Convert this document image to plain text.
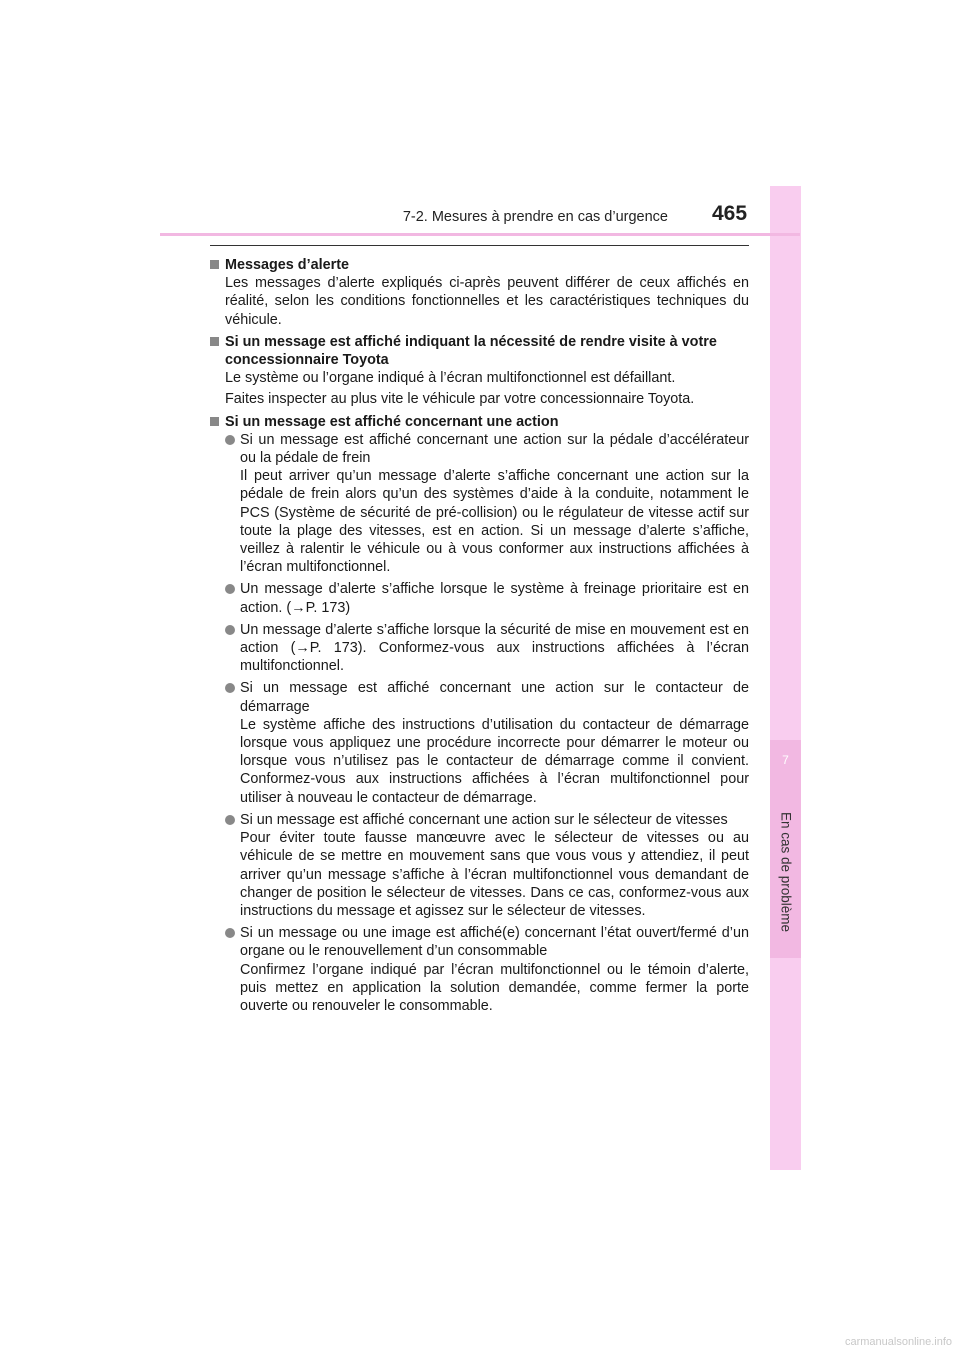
7
En cas de problème
7-2. Mesures à prendre en cas d’urgence 465
Messages d’alerte
Les messages d’alerte expliqués ci-après peuvent différer de ceux affichés en réalité, selon les conditions fonctionnelles et les caractéristiques techniques du véhicule.
Si un message est affiché indiquant la nécessité de rendre visite à votre concessionnaire Toyota
Le système ou l’organe indiqué à l’écran multifonctionnel est défaillant.
Faites inspecter au plus vite le véhicule par votre concessionnaire Toyota.
Si un message est affiché concernant une action
Si un message est affiché concernant une action sur la pédale d’accélérateur ou la pédale de frein
Il peut arriver qu’un message d’alerte s’affiche concernant une action sur la pédale de frein alors qu’un des systèmes d’aide à la conduite, notamment le PCS (Système de sécurité de pré-collision) ou le régulateur de vitesse actif sur toute la plage des vitesses, est en action. Si un message d’alerte s’affiche, veillez à ralentir le véhicule ou à vous conformer aux instructions affichées à l’écran multifonctionnel.
Un message d’alerte s’affiche lorsque le système à freinage prioritaire est en action. (→P. 173)
Un message d’alerte s’affiche lorsque la sécurité de mise en mouvement est en action (→P. 173). Conformez-vous aux instructions affichées à l’écran multifonctionnel.
Si un message est affiché concernant une action sur le contacteur de démarrage
Le système affiche des instructions d’utilisation du contacteur de démarrage lorsque vous appliquez une procédure incorrecte pour démarrer le moteur ou lorsque vous n’utilisez pas le contacteur de démarrage comme il convient. Conformez-vous aux instructions affichées à l’écran multifonctionnel pour utiliser à nouveau le contacteur de démarrage.
Si un message est affiché concernant une action sur le sélecteur de vitesses
Pour éviter toute fausse manœuvre avec le sélecteur de vitesses ou au véhicule de se mettre en mouvement sans que vous vous y attendiez, il peut arriver qu’un message s’affiche à l’écran multifonctionnel vous demandant de changer de position le sélecteur de vitesses. Dans ce cas, conformez-vous aux instructions du message et agissez sur le sélecteur de vitesses.
Si un message ou une image est affiché(e) concernant l’état ouvert/fermé d’un organe ou le renouvellement d’un consommable
Confirmez l’organe indiqué par l’écran multifonctionnel ou le témoin d’alerte, puis mettez en application la solution demandée, comme fermer la porte ouverte ou renouveler le consommable.
carmanualsonline.info
